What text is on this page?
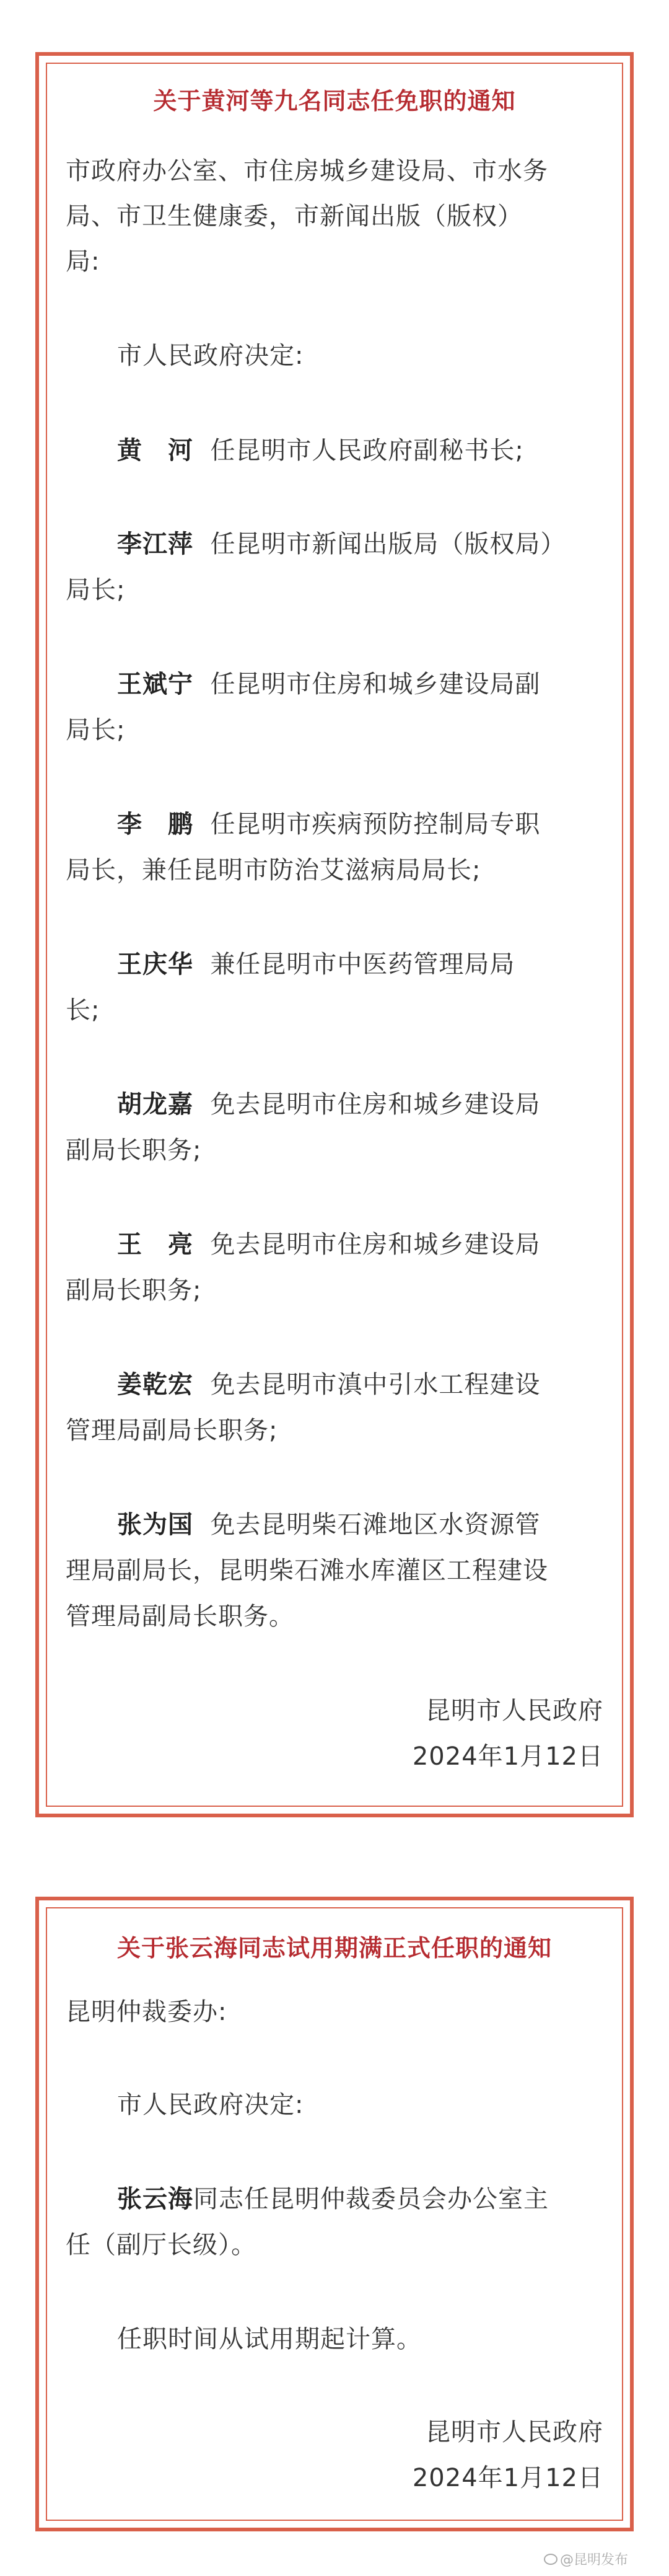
关于黄河等九名同志任免职的通知
市政府办公室、市住房城乡建设局、市水务
局、市卫生健康委，市新闻出版（版权）
局:
市人民政府决定:
黄　河 任昆明市人民政府副秘书长;
李江萍 任昆明市新闻出版局（版权局）
局长;
王斌宁 任昆明市住房和城乡建设局副
局长;
李　鹏 任昆明市疾病预防控制局专职
局长，兼任昆明市防治艾滋病局局长;
王庆华 兼任昆明市中医药管理局局
长;
胡龙嘉 免去昆明市住房和城乡建设局
副局长职务;
王　亮 免去昆明市住房和城乡建设局
副局长职务;
姜乾宏 免去昆明市滇中引水工程建设
管理局副局长职务;
张为国 免去昆明柴石滩地区水资源管
理局副局长，昆明柴石滩水库灌区工程建设
管理局副局长职务。
昆明市人民政府
2024年1月12日
关于张云海同志试用期满正式任职的通知
昆明仲裁委办:
市人民政府决定:
张云海同志任昆明仲裁委员会办公室主
任（副厅长级）。
任职时间从试用期起计算。
昆明市人民政府
2024年1月12日
@昆明发布
